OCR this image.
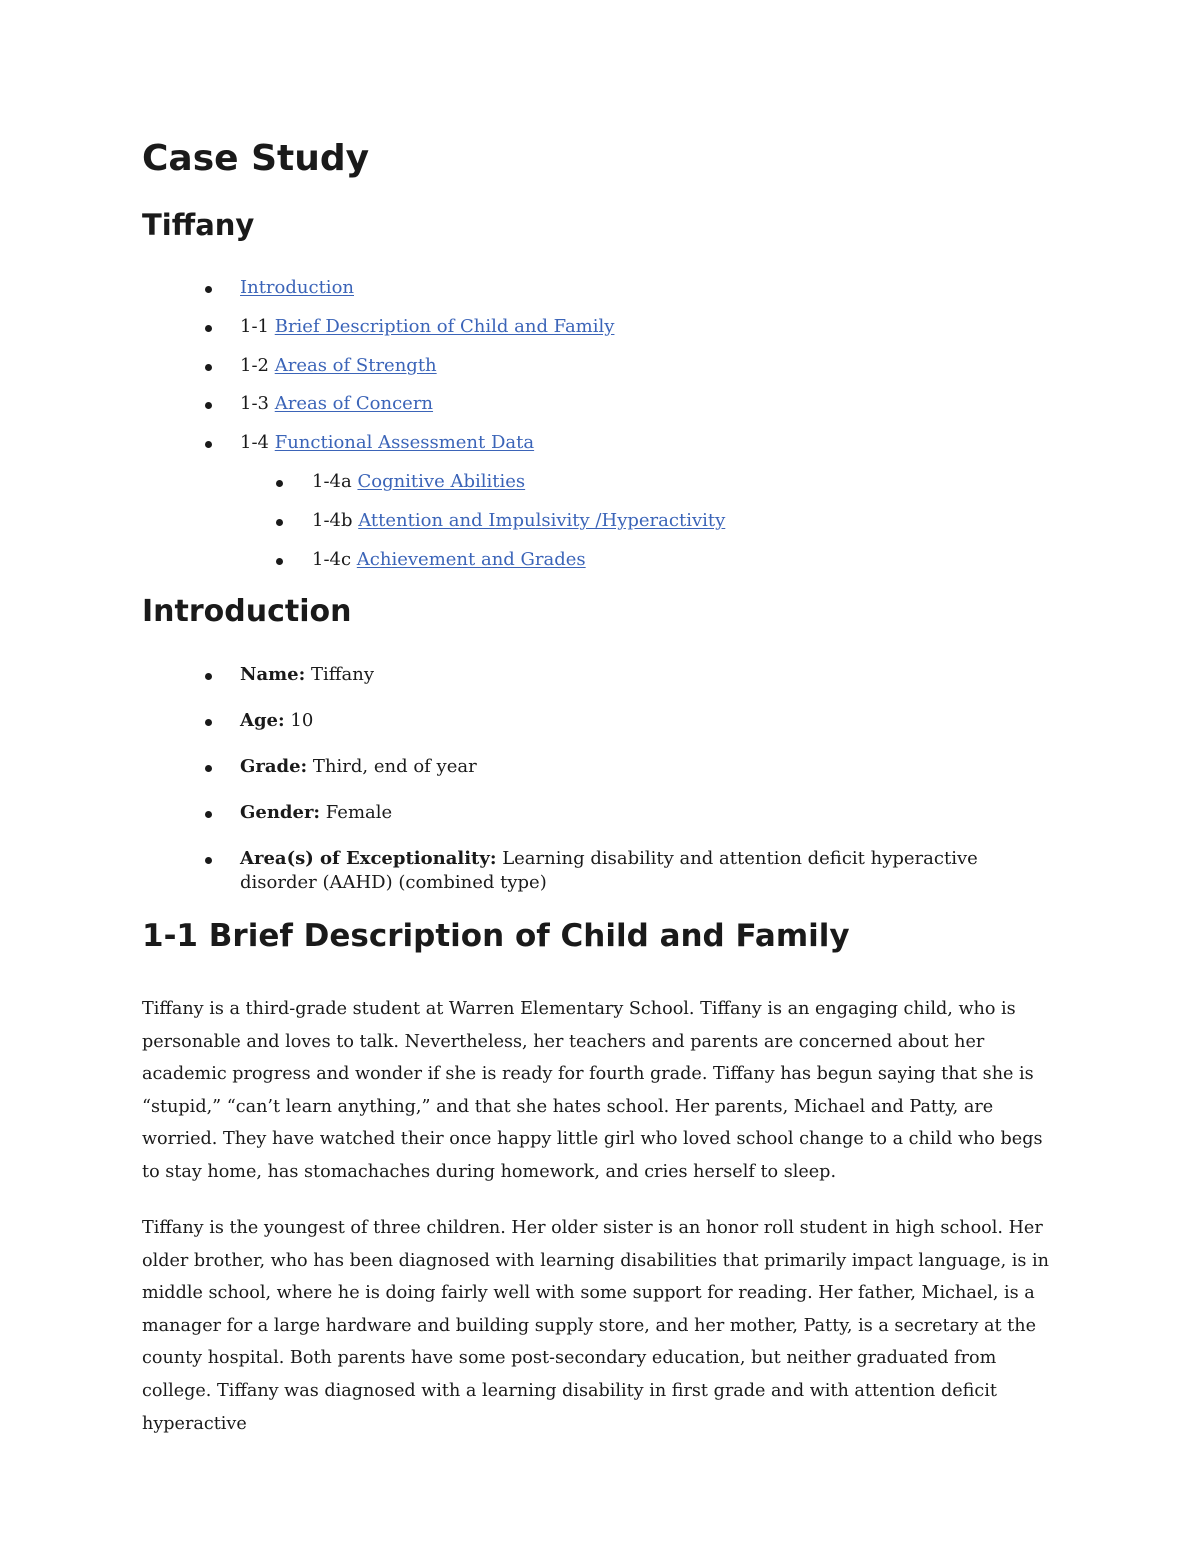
Case Study
Tiffany
Introduction
1-1 Brief Description of Child and Family
1-2 Areas of Strength
1-3 Areas of Concern
1-4 Functional Assessment Data
1-4a Cognitive Abilities
1-4b Attention and Impulsivity /Hyperactivity
1-4c Achievement and Grades
Introduction
Name: Tiffany
Age: 10
Grade: Third, end of year
Gender: Female
Area(s) of Exceptionality: Learning disability and attention deficit hyperactive disorder (AAHD) (combined type)
1-1 Brief Description of Child and Family

Tiffany is a third-grade student at Warren Elementary School. Tiffany is an engaging child, who is personable and loves to talk. Nevertheless, her teachers and parents are concerned about her academic progress and wonder if she is ready for fourth grade. Tiffany has begun saying that she is “stupid,” “can’t learn anything,” and that she hates school. Her parents, Michael and Patty, are worried. They have watched their once happy little girl who loved school change to a child who begs to stay home, has stomachaches during homework, and cries herself to sleep.

Tiffany is the youngest of three children. Her older sister is an honor roll student in high school. Her older brother, who has been diagnosed with learning disabilities that primarily impact language, is in middle school, where he is doing fairly well with some support for reading. Her father, Michael, is a manager for a large hardware and building supply store, and her mother, Patty, is a secretary at the county hospital. Both parents have some post-secondary education, but neither graduated from college. Tiffany was diagnosed with a learning disability in first grade and with attention deficit hyperactive
